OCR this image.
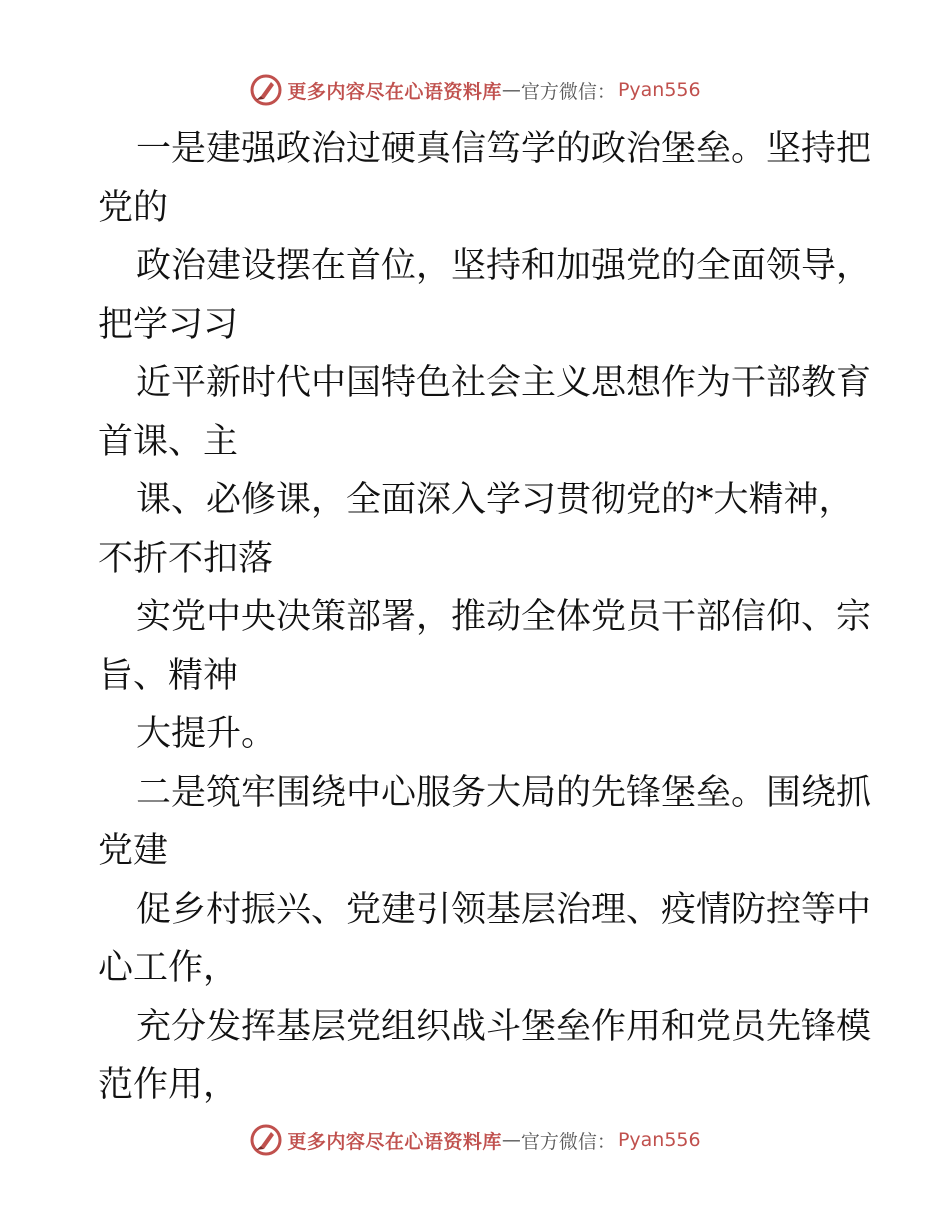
更多内容尽在心语资料库 — 官方微信： Pyan556
一是建强政治过硬真信笃学的政治堡垒。坚持把
党的
政治建设摆在首位，坚持和加强党的全面领导，
把学习习
近平新时代中国特色社会主义思想作为干部教育
首课、主
课、必修课，全面深入学习贯彻党的*大精神，
不折不扣落
实党中央决策部署，推动全体党员干部信仰、宗
旨、精神
大提升。
二是筑牢围绕中心服务大局的先锋堡垒。围绕抓
党建
促乡村振兴、党建引领基层治理、疫情防控等中
心工作，
充分发挥基层党组织战斗堡垒作用和党员先锋模
范作用，
更多内容尽在心语资料库 — 官方微信： Pyan556
